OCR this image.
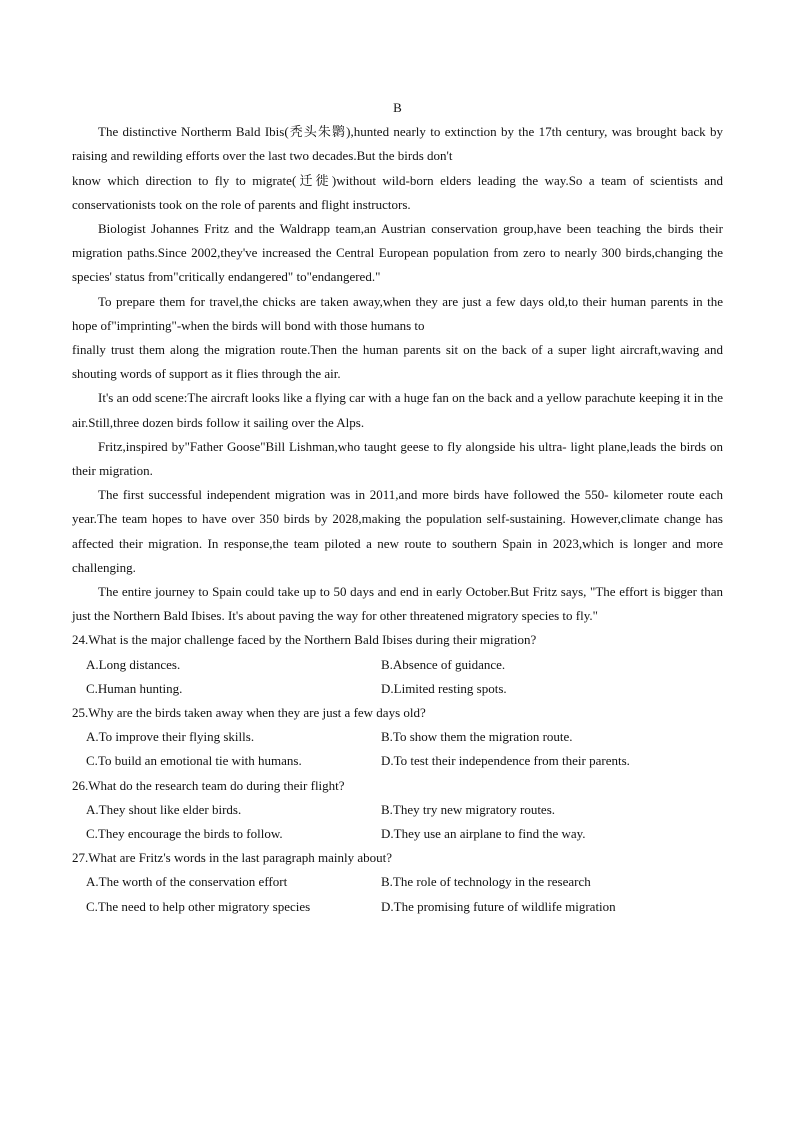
B

The distinctive Northerm Bald Ibis(秃头朱鹮),hunted nearly to extinction by the 17th century, was brought back by raising and rewilding efforts over the last two decades.But the birds don't

know which direction to fly to migrate(迁徙)without wild-born elders leading the way.So a team of scientists and conservationists took on the role of parents and flight instructors.

Biologist Johannes Fritz and the Waldrapp team,an Austrian conservation group,have been teaching the birds their migration paths.Since 2002,they've increased the Central European population from zero to nearly 300 birds,changing the species' status from"critically endangered" to"endangered."

To prepare them for travel,the chicks are taken away,when they are just a few days old,to their human parents in the hope of"imprinting"-when the birds will bond with those humans to

finally trust them along the migration route.Then the human parents sit on the back of a super light aircraft,waving and shouting words of support as it flies through the air.

It's an odd scene:The aircraft looks like a flying car with a huge fan on the back and a yellow parachute keeping it in the air.Still,three dozen birds follow it sailing over the Alps.

Fritz,inspired by"Father Goose"Bill Lishman,who taught geese to fly alongside his ultra- light plane,leads the birds on their migration.

The first successful independent migration was in 2011,and more birds have followed the 550- kilometer route each year.The team hopes to have over 350 birds by 2028,making the population self-sustaining. However,climate change has affected their migration. In response,the team piloted a new route to southern Spain in 2023,which is longer and more challenging.

The entire journey to Spain could take up to 50 days and end in early October.But Fritz says, "The effort is bigger than just the Northern Bald Ibises. It's about paving the way for other threatened migratory species to fly."

24.What is the major challenge faced by the Northern Bald Ibises during their migration?

A.Long distances.	B.Absence of guidance.
C.Human hunting.	D.Limited resting spots.

25.Why are the birds taken away when they are just a few days old?

A.To improve their flying skills.	B.To show them the migration route.
C.To build an emotional tie with humans.	D.To test their independence from their parents.

26.What do the research team do during their flight?

A.They shout like elder birds.	B.They try new migratory routes.
C.They encourage the birds to follow.	D.They use an airplane to find the way.

27.What are Fritz's words in the last paragraph mainly about?

A.The worth of the conservation effort	B.The role of technology in the research
C.The need to help other migratory species	D.The promising future of wildlife migration
